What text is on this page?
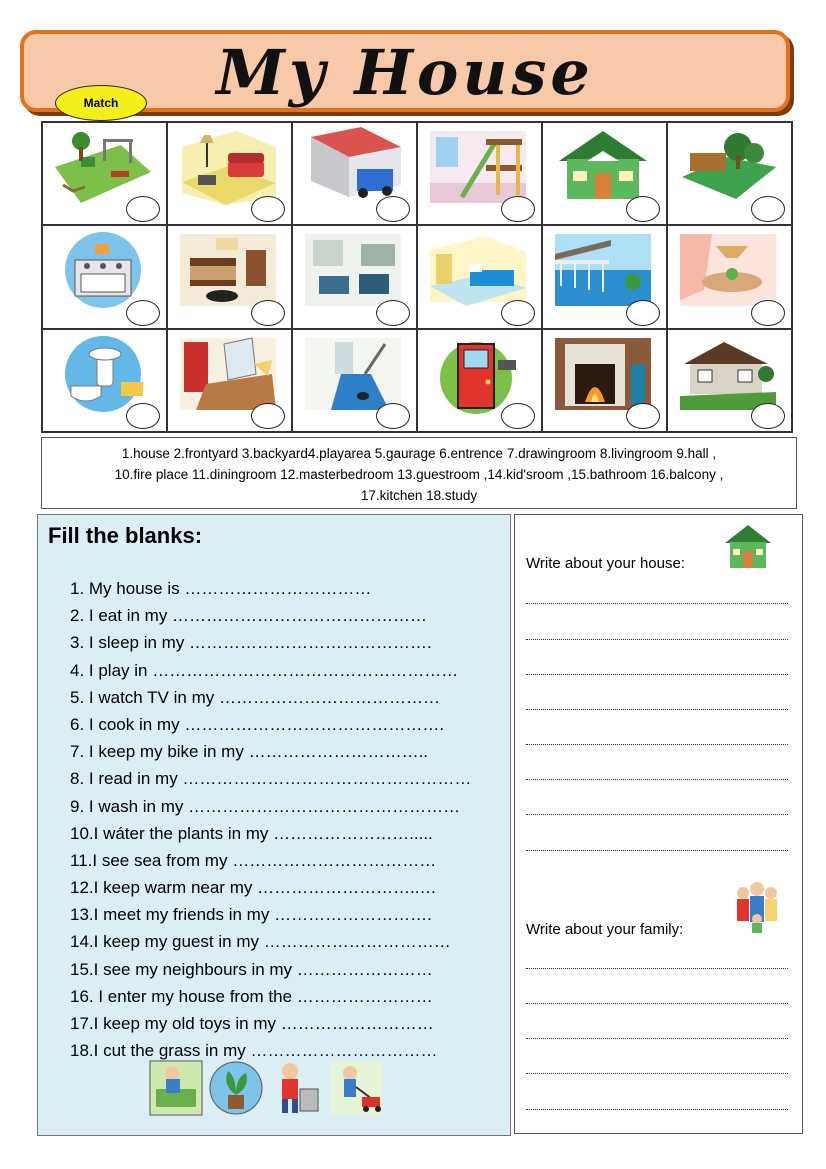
My House
Match
1.house 2.frontyard 3.backyard4.playarea 5.gaurage 6.entrence 7.drawingroom 8.livingroom 9.hall ,
10.fire place 11.diningroom 12.masterbedroom 13.guestroom ,14.kid'sroom ,15.bathroom 16.balcony ,
17.kitchen 18.study
Fill the blanks:
1. My house is ……………………………
2. I eat in my ………………………………………
3. I sleep in my …………………………………….
4. I play in ………………………………………………
5. I watch TV in my …………………………………
6. I cook in my ……………………………………….
7. I keep my bike in my …………………………..
8. I read in my ……………………………………………
9. I wash in my …………………………………………
10.I wáter the plants in my …………………….....
11.I see sea from my ………………………………
12.I keep warm near my ………………………..…
13.I meet my friends in my ……………………….
14.I keep my guest in my ……………………………
15.I see my neighbours in my ……………………
16. I enter my house from the ……………………
17.I keep my old toys in my ………………………
18.I cut the grass in my ……………………………
Write about your house:
Write about your family:
